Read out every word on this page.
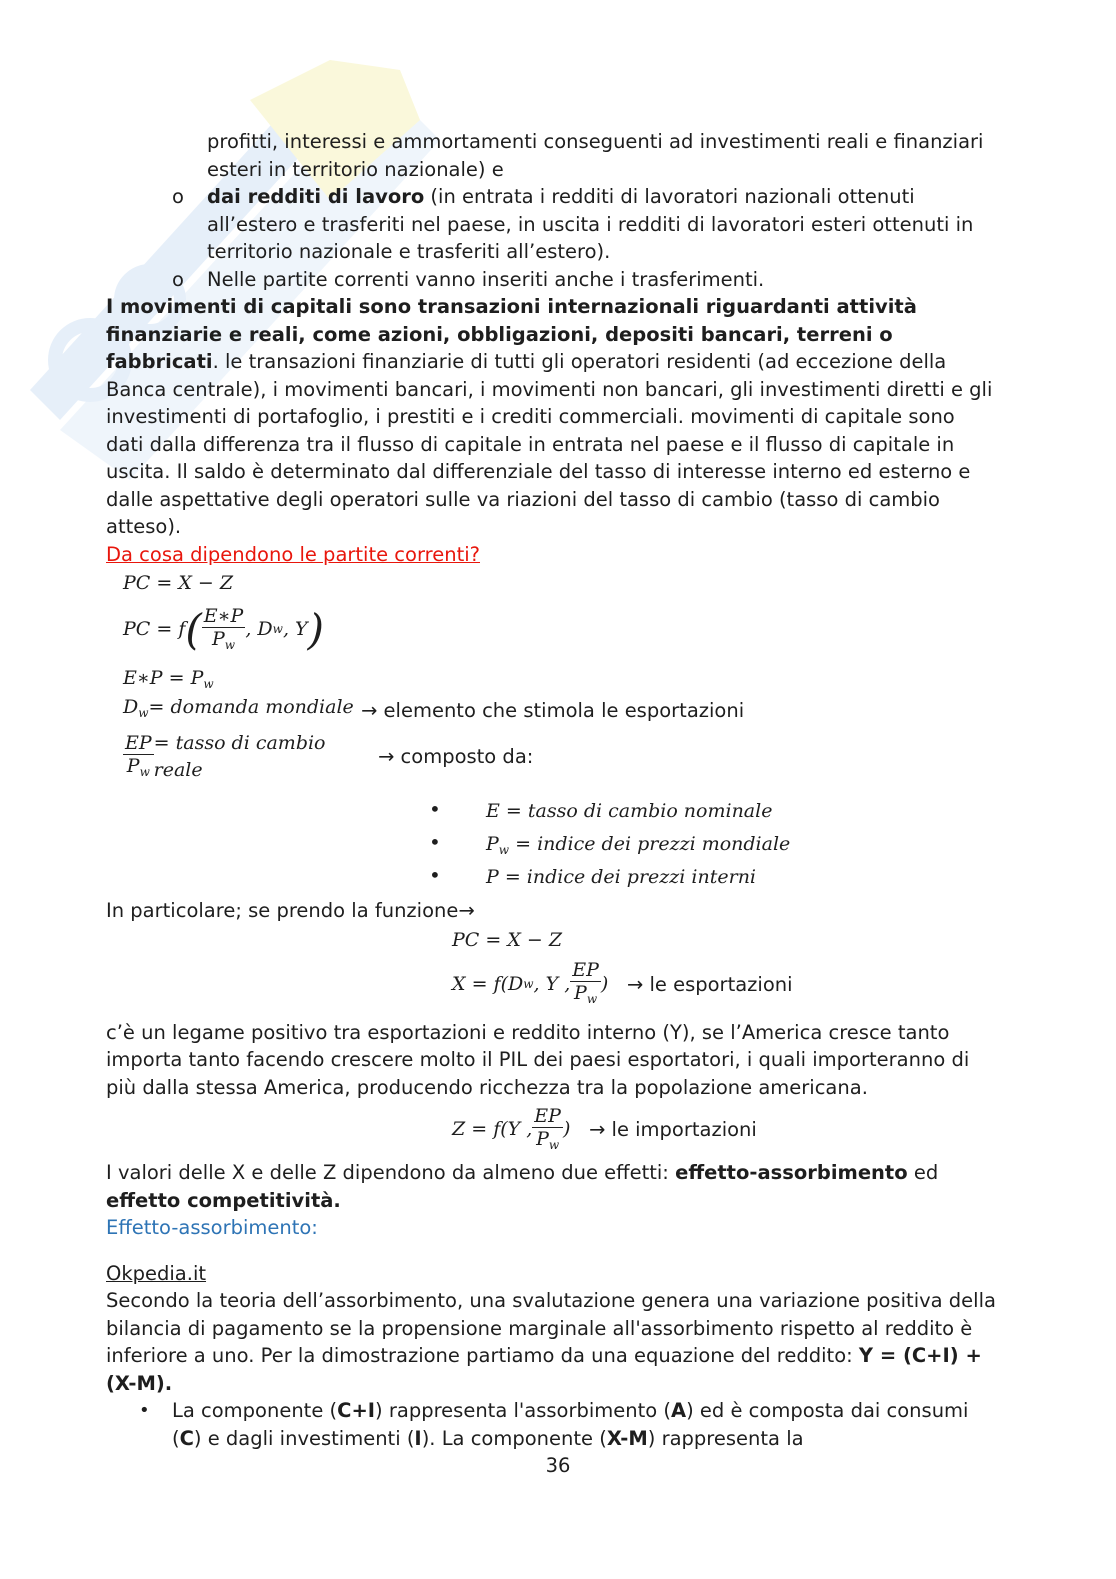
profitti, interessi e ammortamenti conseguenti ad investimenti reali e finanziari esteri in territorio nazionale) e

o dai redditi di lavoro (in entrata i redditi di lavoratori nazionali ottenuti all’estero e trasferiti nel paese, in uscita i redditi di lavoratori esteri ottenuti in territorio nazionale e trasferiti all’estero).
o Nelle partite correnti vanno inseriti anche i trasferimenti.

I movimenti di capitali sono transazioni internazionali riguardanti attività finanziarie e reali, come azioni, obbligazioni, depositi bancari, terreni o fabbricati. le transazioni finanziarie di tutti gli operatori residenti (ad eccezione della Banca centrale), i movimenti bancari, i movimenti non bancari, gli investimenti diretti e gli investimenti di portafoglio, i prestiti e i crediti commerciali. movimenti di capitale sono dati dalla differenza tra il flusso di capitale in entrata nel paese e il flusso di capitale in uscita. Il saldo è determinato dal differenziale del tasso di interesse interno ed esterno e dalle aspettative degli operatori sulle va riazioni del tasso di cambio (tasso di cambio atteso).

Da cosa dipendono le partite correnti?

PC = X − Z
PC = f ( $\frac{E∗P}{P_w}$ ,
D w ,
Y )
E∗P = $P_w$
$D_w=$ domanda mondiale →
elemento che stimola le esportazioni
$\frac{EP}{P_w}$ = tasso di cambio reale
→
composto da:
• E = tasso di cambio nominale
• $P_w$ = indice dei prezzi mondiale
• P = indice dei prezzi interni

In particolare; se prendo la funzione→

PC = X − Z
X = f ( D w ,
Y
, $\frac{EP}{P_w}$ )
→
le esportazioni

c’è un legame positivo tra esportazioni e reddito interno (Y), se l’America cresce tanto importa tanto facendo crescere molto il PIL dei paesi esportatori, i quali importeranno di più dalla stessa America, producendo ricchezza tra la popolazione americana.

Z = f ( Y
, $\frac{EP}{P_w}$ )
→
le importazioni

I valori delle X e delle Z dipendono da almeno due effetti: effetto-assorbimento ed effetto competitività.

Effetto-assorbimento:

Okpedia.it

Secondo la teoria dell’assorbimento, una svalutazione genera una variazione positiva della bilancia di pagamento se la propensione marginale all'assorbimento rispetto al reddito è inferiore a uno. Per la dimostrazione partiamo da una equazione del reddito: Y = (C+I) +(X-M).

• La componente (C+I) rappresenta l'assorbimento (A) ed è composta dai consumi (C) e dagli investimenti (I). La componente (X-M) rappresenta la
36
